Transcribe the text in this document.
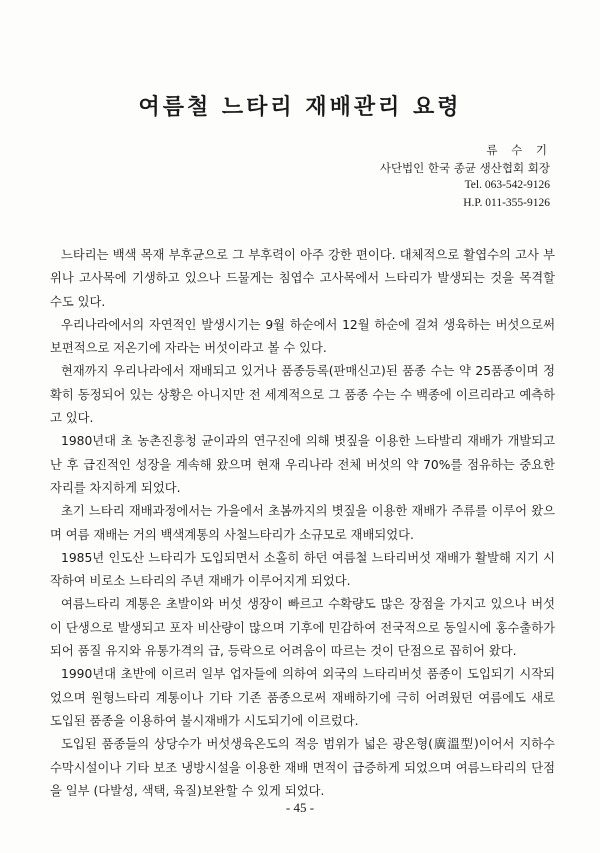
여름철 느타리 재배관리 요령
류 수 기
사단법인 한국 종균 생산협회 회장
Tel. 063-542-9126
H.P. 011-355-9126

느타리는 백색 목재 부후균으로 그 부후력이 아주 강한 편이다. 대체적으로 활엽수의 고사 부위나 고사목에 기생하고 있으나 드물게는 침엽수 고사목에서 느타리가 발생되는 것을 목격할 수도 있다.

우리나라에서의 자연적인 발생시기는 9월 하순에서 12월 하순에 걸쳐 생육하는 버섯으로써 보편적으로 저온기에 자라는 버섯이라고 볼 수 있다.

현재까지 우리나라에서 재배되고 있거나 품종등록(판매신고)된 품종 수는 약 25품종이며 정확히 동정되어 있는 상황은 아니지만 전 세계적으로 그 품종 수는 수 백종에 이르리라고 예측하고 있다.

1980년대 초 농촌진흥청 균이과의 연구진에 의해 볏짚을 이용한 느타발리 재배가 개발되고 난 후 급진적인 성장을 계속해 왔으며 현재 우리나라 전체 버섯의 약 70%를 점유하는 중요한 자리를 차지하게 되었다.

초기 느타리 재배과정에서는 가을에서 초봄까지의 볏짚을 이용한 재배가 주류를 이루어 왔으며 여름 재배는 거의 백색계통의 사철느타리가 소규모로 재배되었다.

1985년 인도산 느타리가 도입되면서 소홀히 하던 여름철 느타리버섯 재배가 활발해 지기 시작하여 비로소 느타리의 주년 재배가 이루어지게 되었다.

여름느타리 계통은 초발이와 버섯 생장이 빠르고 수확량도 많은 장점을 가지고 있으나 버섯이 단생으로 발생되고 포자 비산량이 많으며 기후에 민감하여 전국적으로 동일시에 홍수출하가 되어 품질 유지와 유통가격의 급, 등락으로 어려움이 따르는 것이 단점으로 꼽히어 왔다.

1990년대 초반에 이르러 일부 업자들에 의하여 외국의 느타리버섯 품종이 도입되기 시작되었으며 원형느타리 계통이나 기타 기존 품종으로써 재배하기에 극히 어려웠던 여름에도 새로 도입된 품종을 이용하여 불시재배가 시도되기에 이르렀다.

도입된 품종들의 상당수가 버섯생육온도의 적응 범위가 넓은 광온형(廣溫型)이어서 지하수 수막시설이나 기타 보조 냉방시설을 이용한 재배 면적이 급증하게 되었으며 여름느타리의 단점을 일부 (다발성, 색택, 육질)보완할 수 있게 되었다.

- 45 -
